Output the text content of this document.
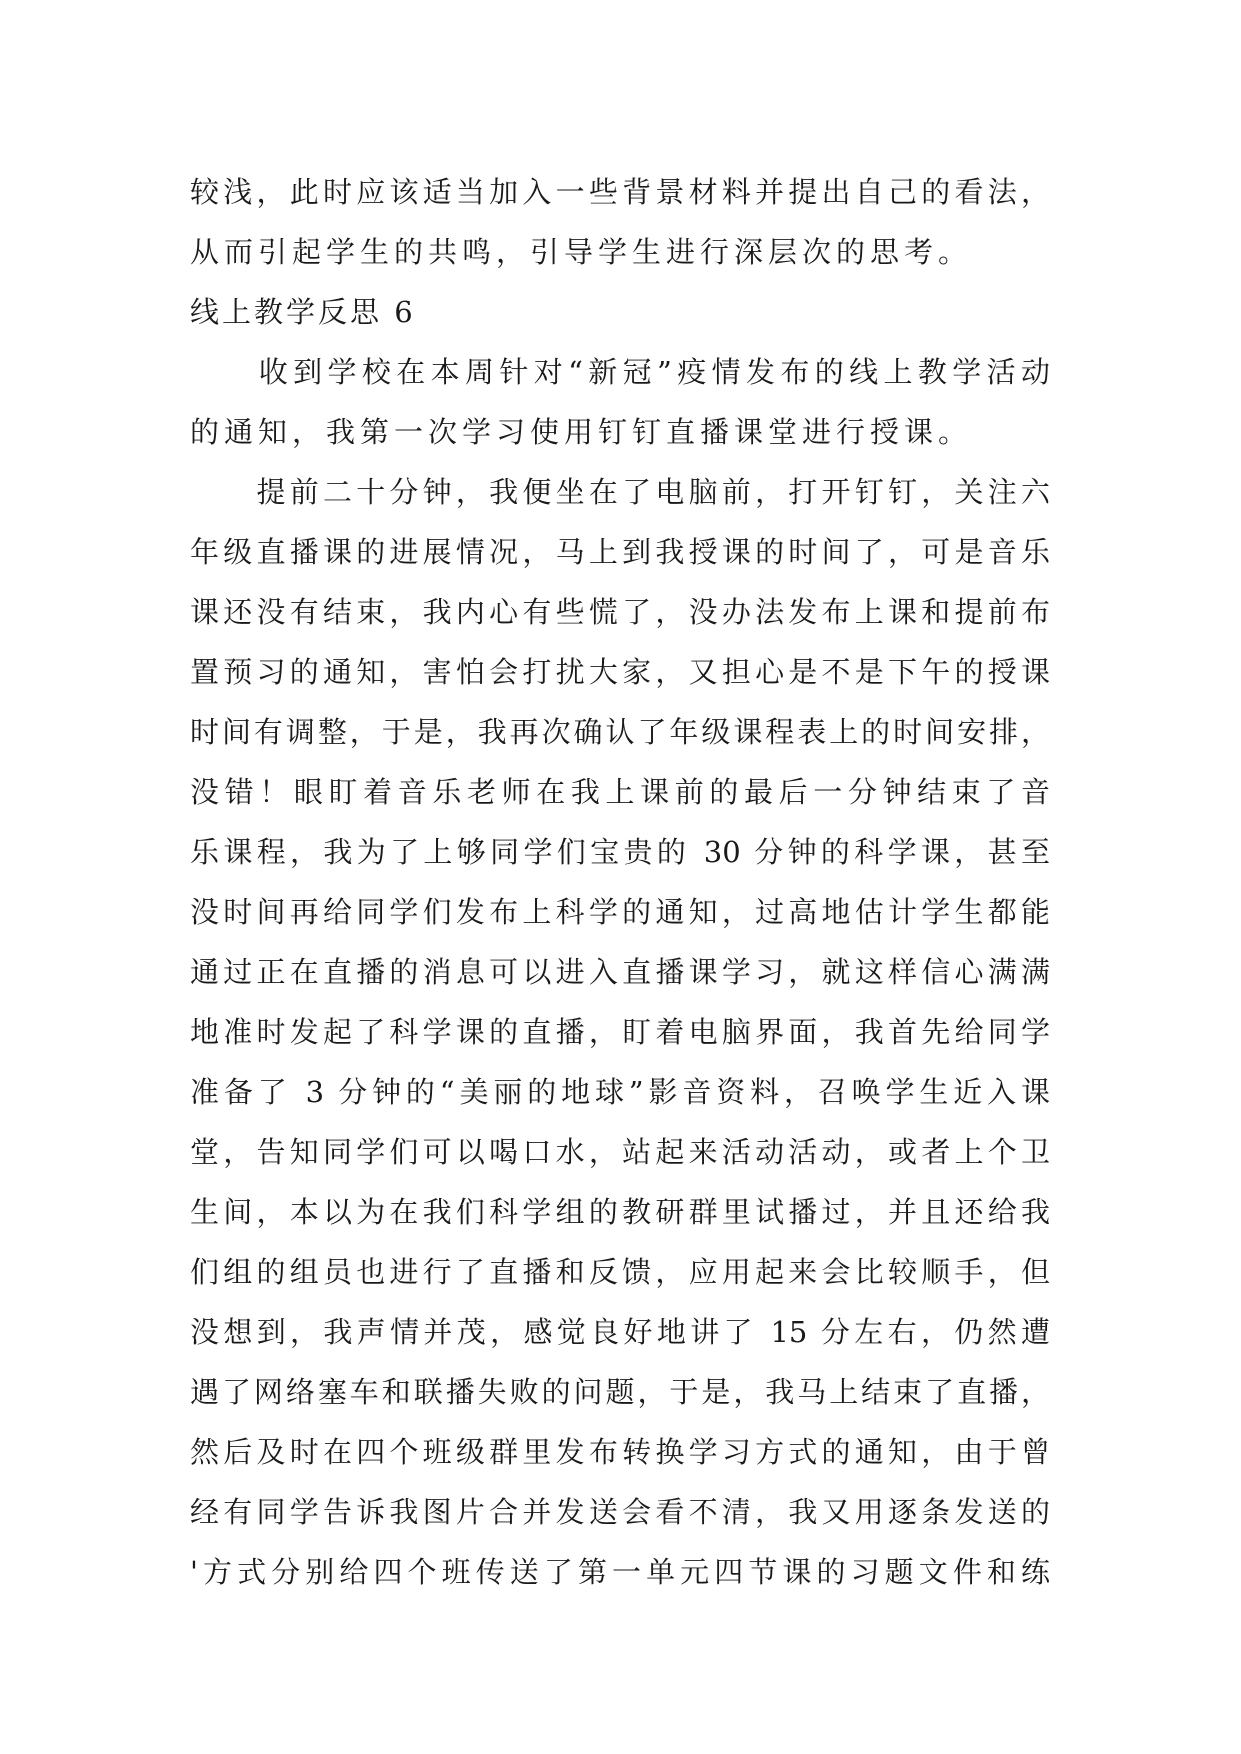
较浅，此时应该适当加入一些背景材料并提出自己的看法，
从而引起学生的共鸣，引导学生进行深层次的思考。
线上教学反思 6
　　收到学校在本周针对“新冠”疫情发布的线上教学活动
的通知，我第一次学习使用钉钉直播课堂进行授课。
　　提前二十分钟，我便坐在了电脑前，打开钉钉，关注六
年级直播课的进展情况，马上到我授课的时间了，可是音乐
课还没有结束，我内心有些慌了，没办法发布上课和提前布
置预习的通知，害怕会打扰大家，又担心是不是下午的授课
时间有调整，于是，我再次确认了年级课程表上的时间安排，
没错！眼盯着音乐老师在我上课前的最后一分钟结束了音
乐课程，我为了上够同学们宝贵的 30 分钟的科学课，甚至
没时间再给同学们发布上科学的通知，过高地估计学生都能
通过正在直播的消息可以进入直播课学习，就这样信心满满
地准时发起了科学课的直播，盯着电脑界面，我首先给同学
准备了 3 分钟的“美丽的地球”影音资料，召唤学生近入课
堂，告知同学们可以喝口水，站起来活动活动，或者上个卫
生间，本以为在我们科学组的教研群里试播过，并且还给我
们组的组员也进行了直播和反馈，应用起来会比较顺手，但
没想到，我声情并茂，感觉良好地讲了 15 分左右，仍然遭
遇了网络塞车和联播失败的问题，于是，我马上结束了直播，
然后及时在四个班级群里发布转换学习方式的通知，由于曾
经有同学告诉我图片合并发送会看不清，我又用逐条发送的
'方式分别给四个班传送了第一单元四节课的习题文件和练
